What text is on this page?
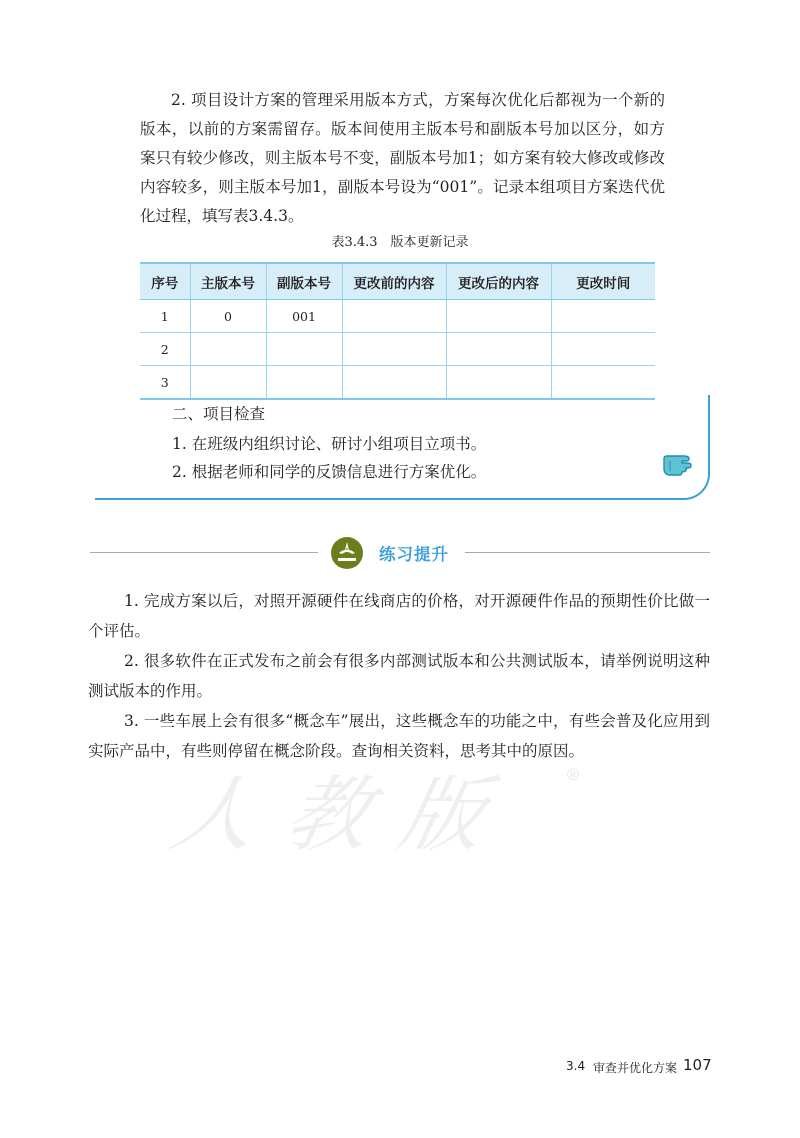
2. 项目设计方案的管理采用版本方式，方案每次优化后都视为一个新的版本，以前的方案需留存。版本间使用主版本号和副版本号加以区分，如方案只有较少修改，则主版本号不变，副版本号加1；如方案有较大修改或修改内容较多，则主版本号加1，副版本号设为“001”。记录本组项目方案迭代优化过程，填写表3.4.3。

表3.4.3　版本更新记录
序号	主版本号	副版本号	更改前的内容	更改后的内容	更改时间
1	0	001			
2					
3					
二、项目检查
1. 在班级内组织讨论、研讨小组项目立项书。
2. 根据老师和同学的反馈信息进行方案优化。
练习提升

1. 完成方案以后，对照开源硬件在线商店的价格，对开源硬件作品的预期性价比做一个评估。

2. 很多软件在正式发布之前会有很多内部测试版本和公共测试版本，请举例说明这种测试版本的作用。

3. 一些车展上会有很多“概念车”展出，这些概念车的功能之中，有些会普及化应用到实际产品中，有些则停留在概念阶段。查询相关资料，思考其中的原因。

人教版 ®
3.4 审查并优化方案 107
